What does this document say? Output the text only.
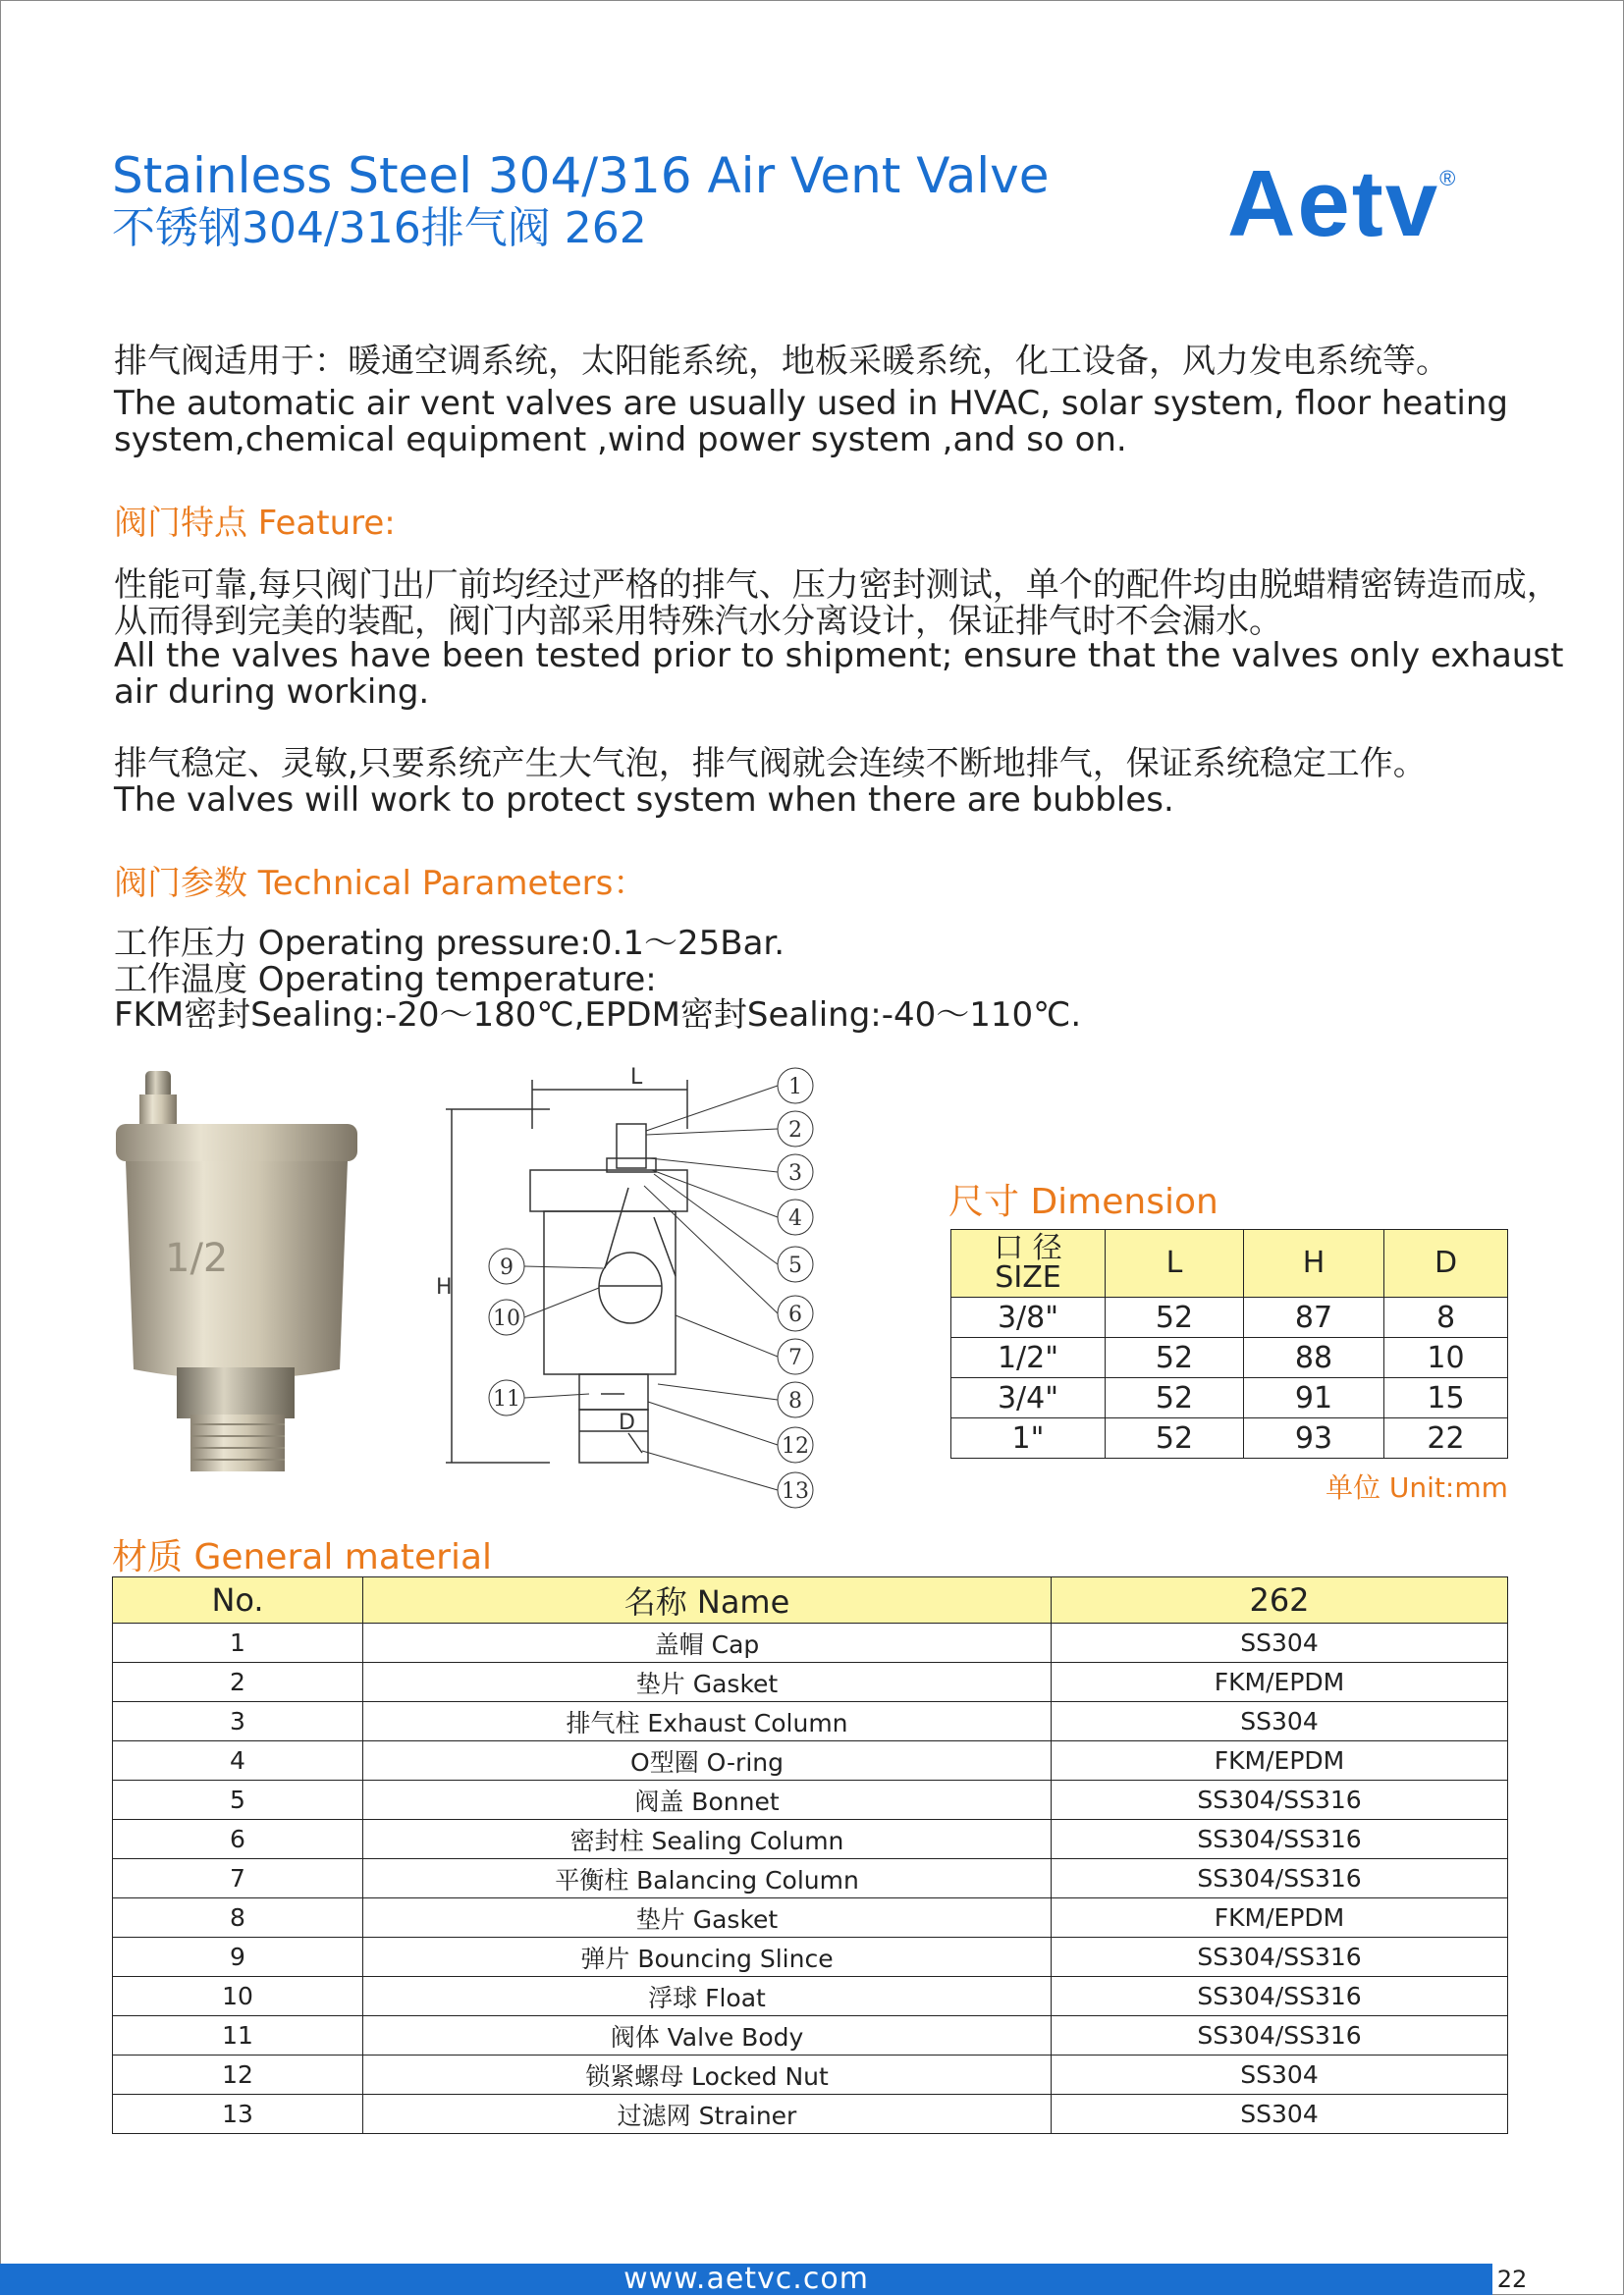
Stainless Steel 304/316 Air Vent Valve
不锈钢304/316排气阀 262	Aetv®
排气阀适用于：暖通空调系统，太阳能系统，地板采暖系统，化工设备，风力发电系统等。
The automatic air vent valves are usually used in HVAC, solar system, floor heating
system,chemical equipment ,wind power system ,and so on.
阀门特点 Feature:
性能可靠,每只阀门出厂前均经过严格的排气、压力密封测试，单个的配件均由脱蜡精密铸造而成，
从而得到完美的装配，阀门内部采用特殊汽水分离设计，保证排气时不会漏水。
All the valves have been tested prior to shipment; ensure that the valves only exhaust
air during working.
排气稳定、灵敏,只要系统产生大气泡，排气阀就会连续不断地排气，保证系统稳定工作。
The valves will work to protect system when there are bubbles.
阀门参数 Technical Parameters：
工作压力 Operating pressure:0.1～25Bar.
工作温度 Operating temperature:
FKM密封Sealing:-20～180℃,EPDM密封Sealing:-40～110℃.
1/2
1
2
3
4
5
6
7
8
12
13
9
10
11
L
H
D
尺寸 Dimension
口 径
SIZE	L	H	D
3/8"	52	87	8
1/2"	52	88	10
3/4"	52	91	15
1"	52	93	22
单位 Unit:mm
材质 General material
No.	名称 Name	262
1	盖帽 Cap	SS304
2	垫片 Gasket	FKM/EPDM
3	排气柱 Exhaust Column	SS304
4	O型圈 O-ring	FKM/EPDM
5	阀盖 Bonnet	SS304/SS316
6	密封柱 Sealing Column	SS304/SS316
7	平衡柱 Balancing Column	SS304/SS316
8	垫片 Gasket	FKM/EPDM
9	弹片 Bouncing Slince	SS304/SS316
10	浮球 Float	SS304/SS316
11	阀体 Valve Body	SS304/SS316
12	锁紧螺母 Locked Nut	SS304
13	过滤网 Strainer	SS304
www.aetvc.com	22
